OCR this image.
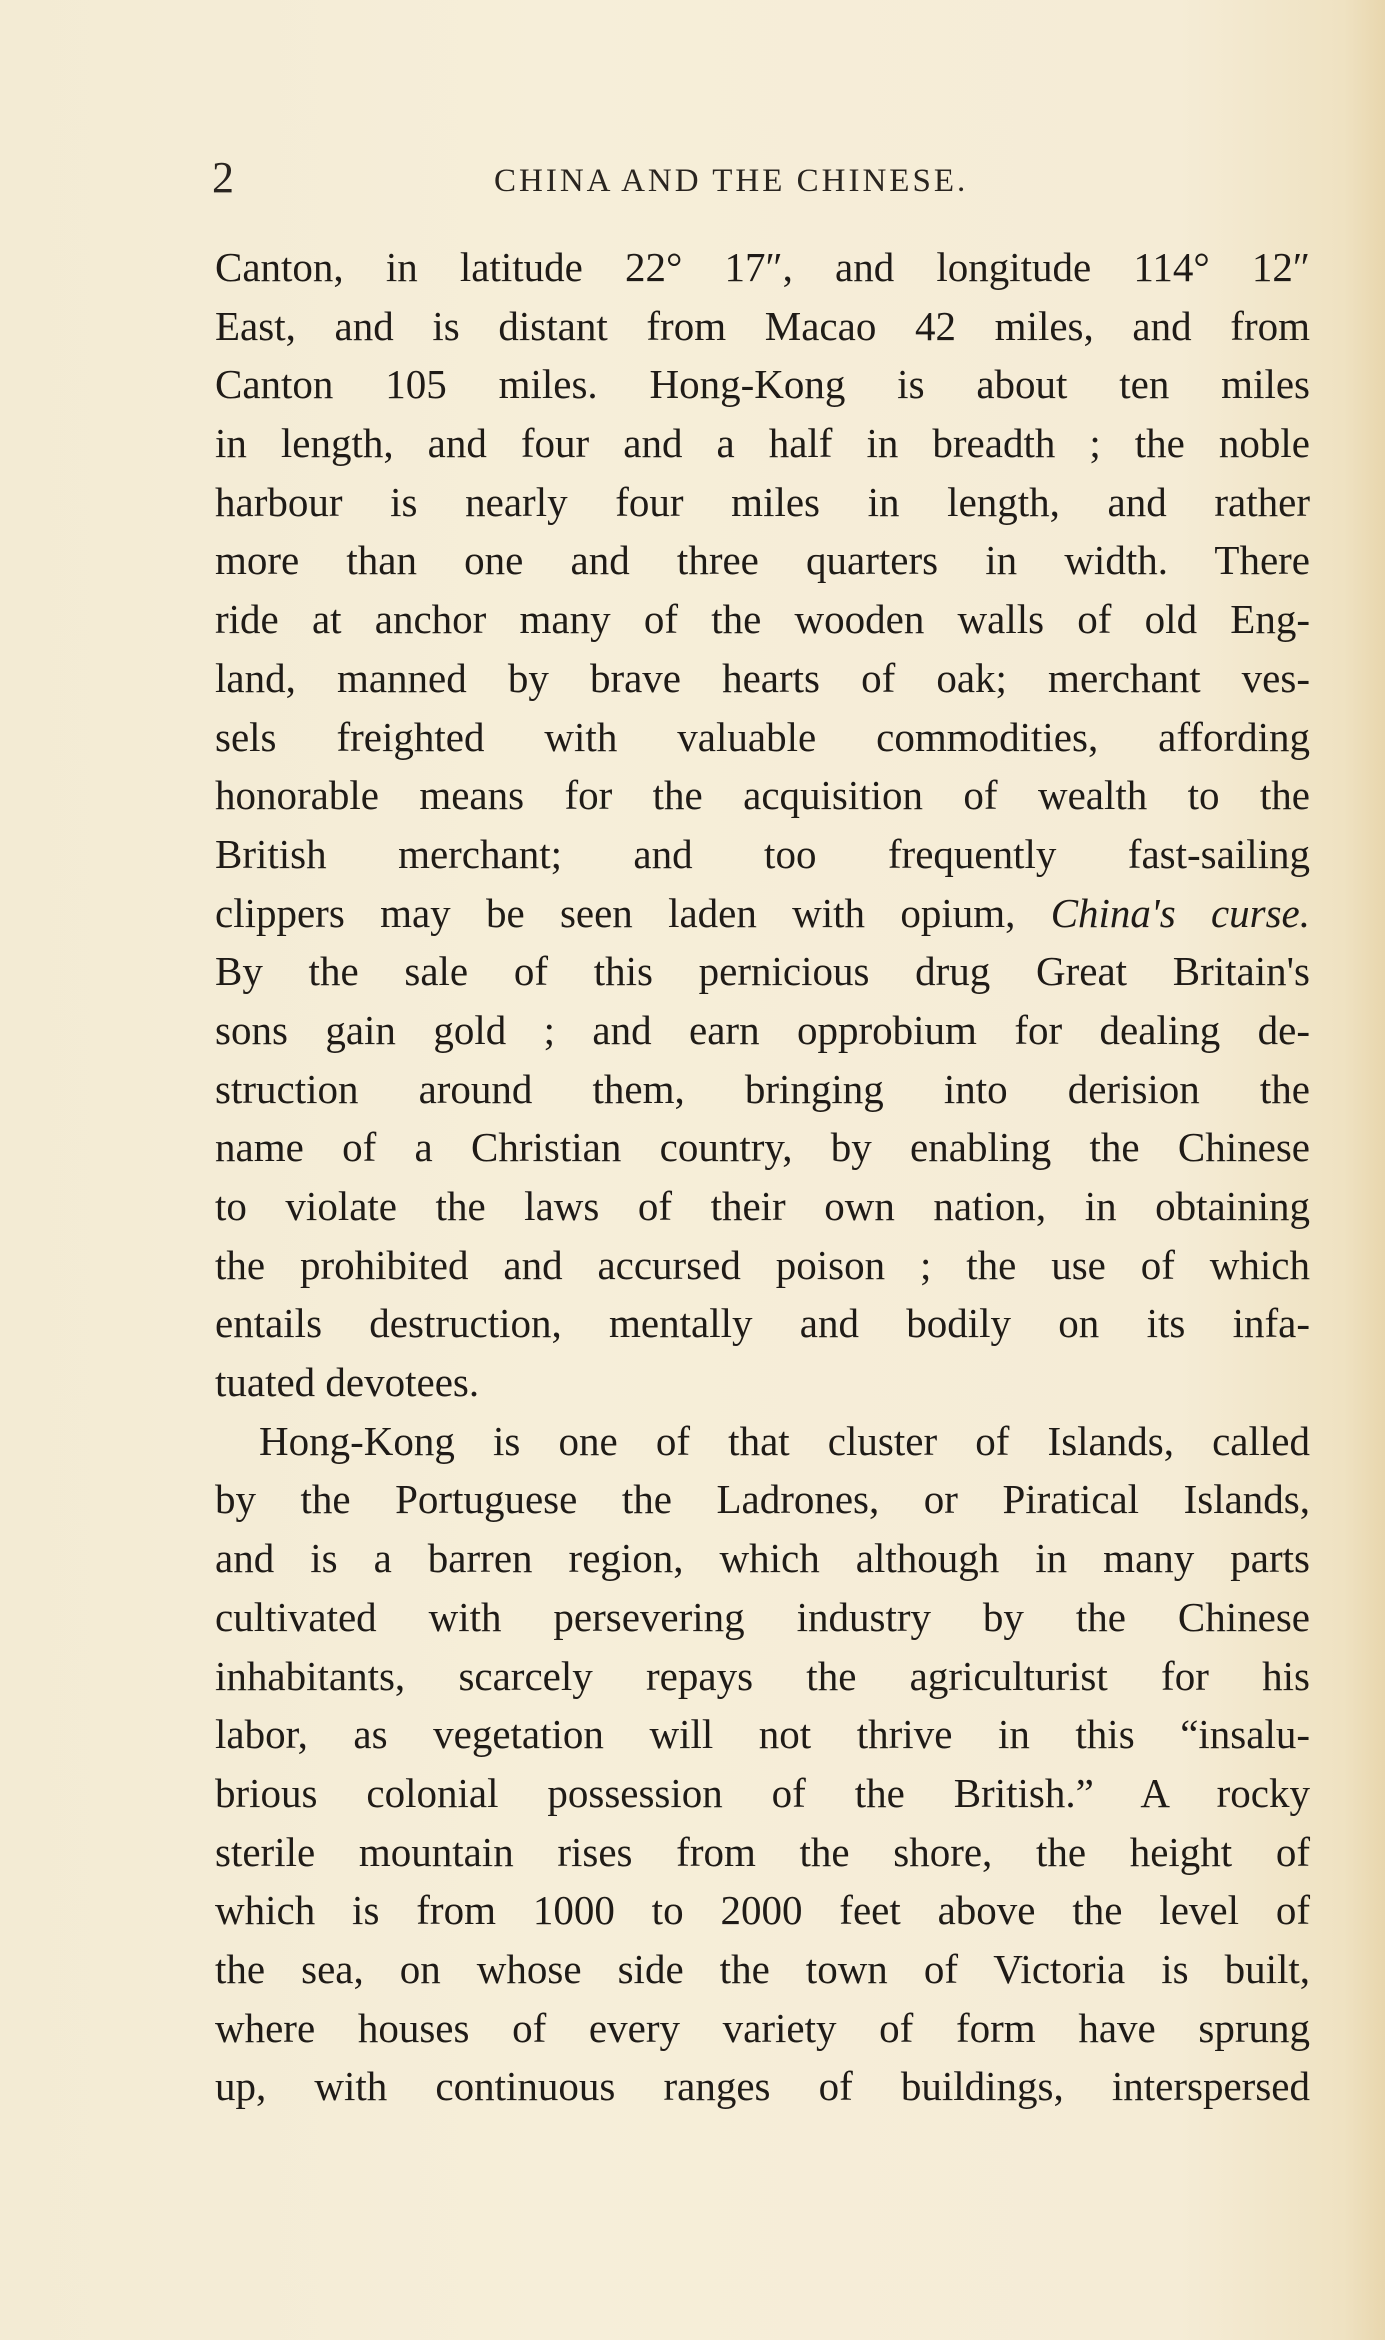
2	CHINA AND THE CHINESE.
Canton, in latitude 22° 17″, and longitude 114° 12″
East, and is distant from Macao 42 miles, and from
Canton 105 miles. Hong-Kong is about ten miles
in length, and four and a half in breadth ; the noble
harbour is nearly four miles in length, and rather
more than one and three quarters in width. There
ride at anchor many of the wooden walls of old Eng-
land, manned by brave hearts of oak; merchant ves-
sels freighted with valuable commodities, affording
honorable means for the acquisition of wealth to the
British merchant; and too frequently fast-sailing
clippers may be seen laden with opium, China's curse.
By the sale of this pernicious drug Great Britain's
sons gain gold ; and earn opprobium for dealing de-
struction around them, bringing into derision the
name of a Christian country, by enabling the Chinese
to violate the laws of their own nation, in obtaining
the prohibited and accursed poison ; the use of which
entails destruction, mentally and bodily on its infa-
tuated devotees.
Hong-Kong is one of that cluster of Islands, called
by the Portuguese the Ladrones, or Piratical Islands,
and is a barren region, which although in many parts
cultivated with persevering industry by the Chinese
inhabitants, scarcely repays the agriculturist for his
labor, as vegetation will not thrive in this “insalu-
brious colonial possession of the British.” A rocky
sterile mountain rises from the shore, the height of
which is from 1000 to 2000 feet above the level of
the sea, on whose side the town of Victoria is built,
where houses of every variety of form have sprung
up, with continuous ranges of buildings, interspersed
